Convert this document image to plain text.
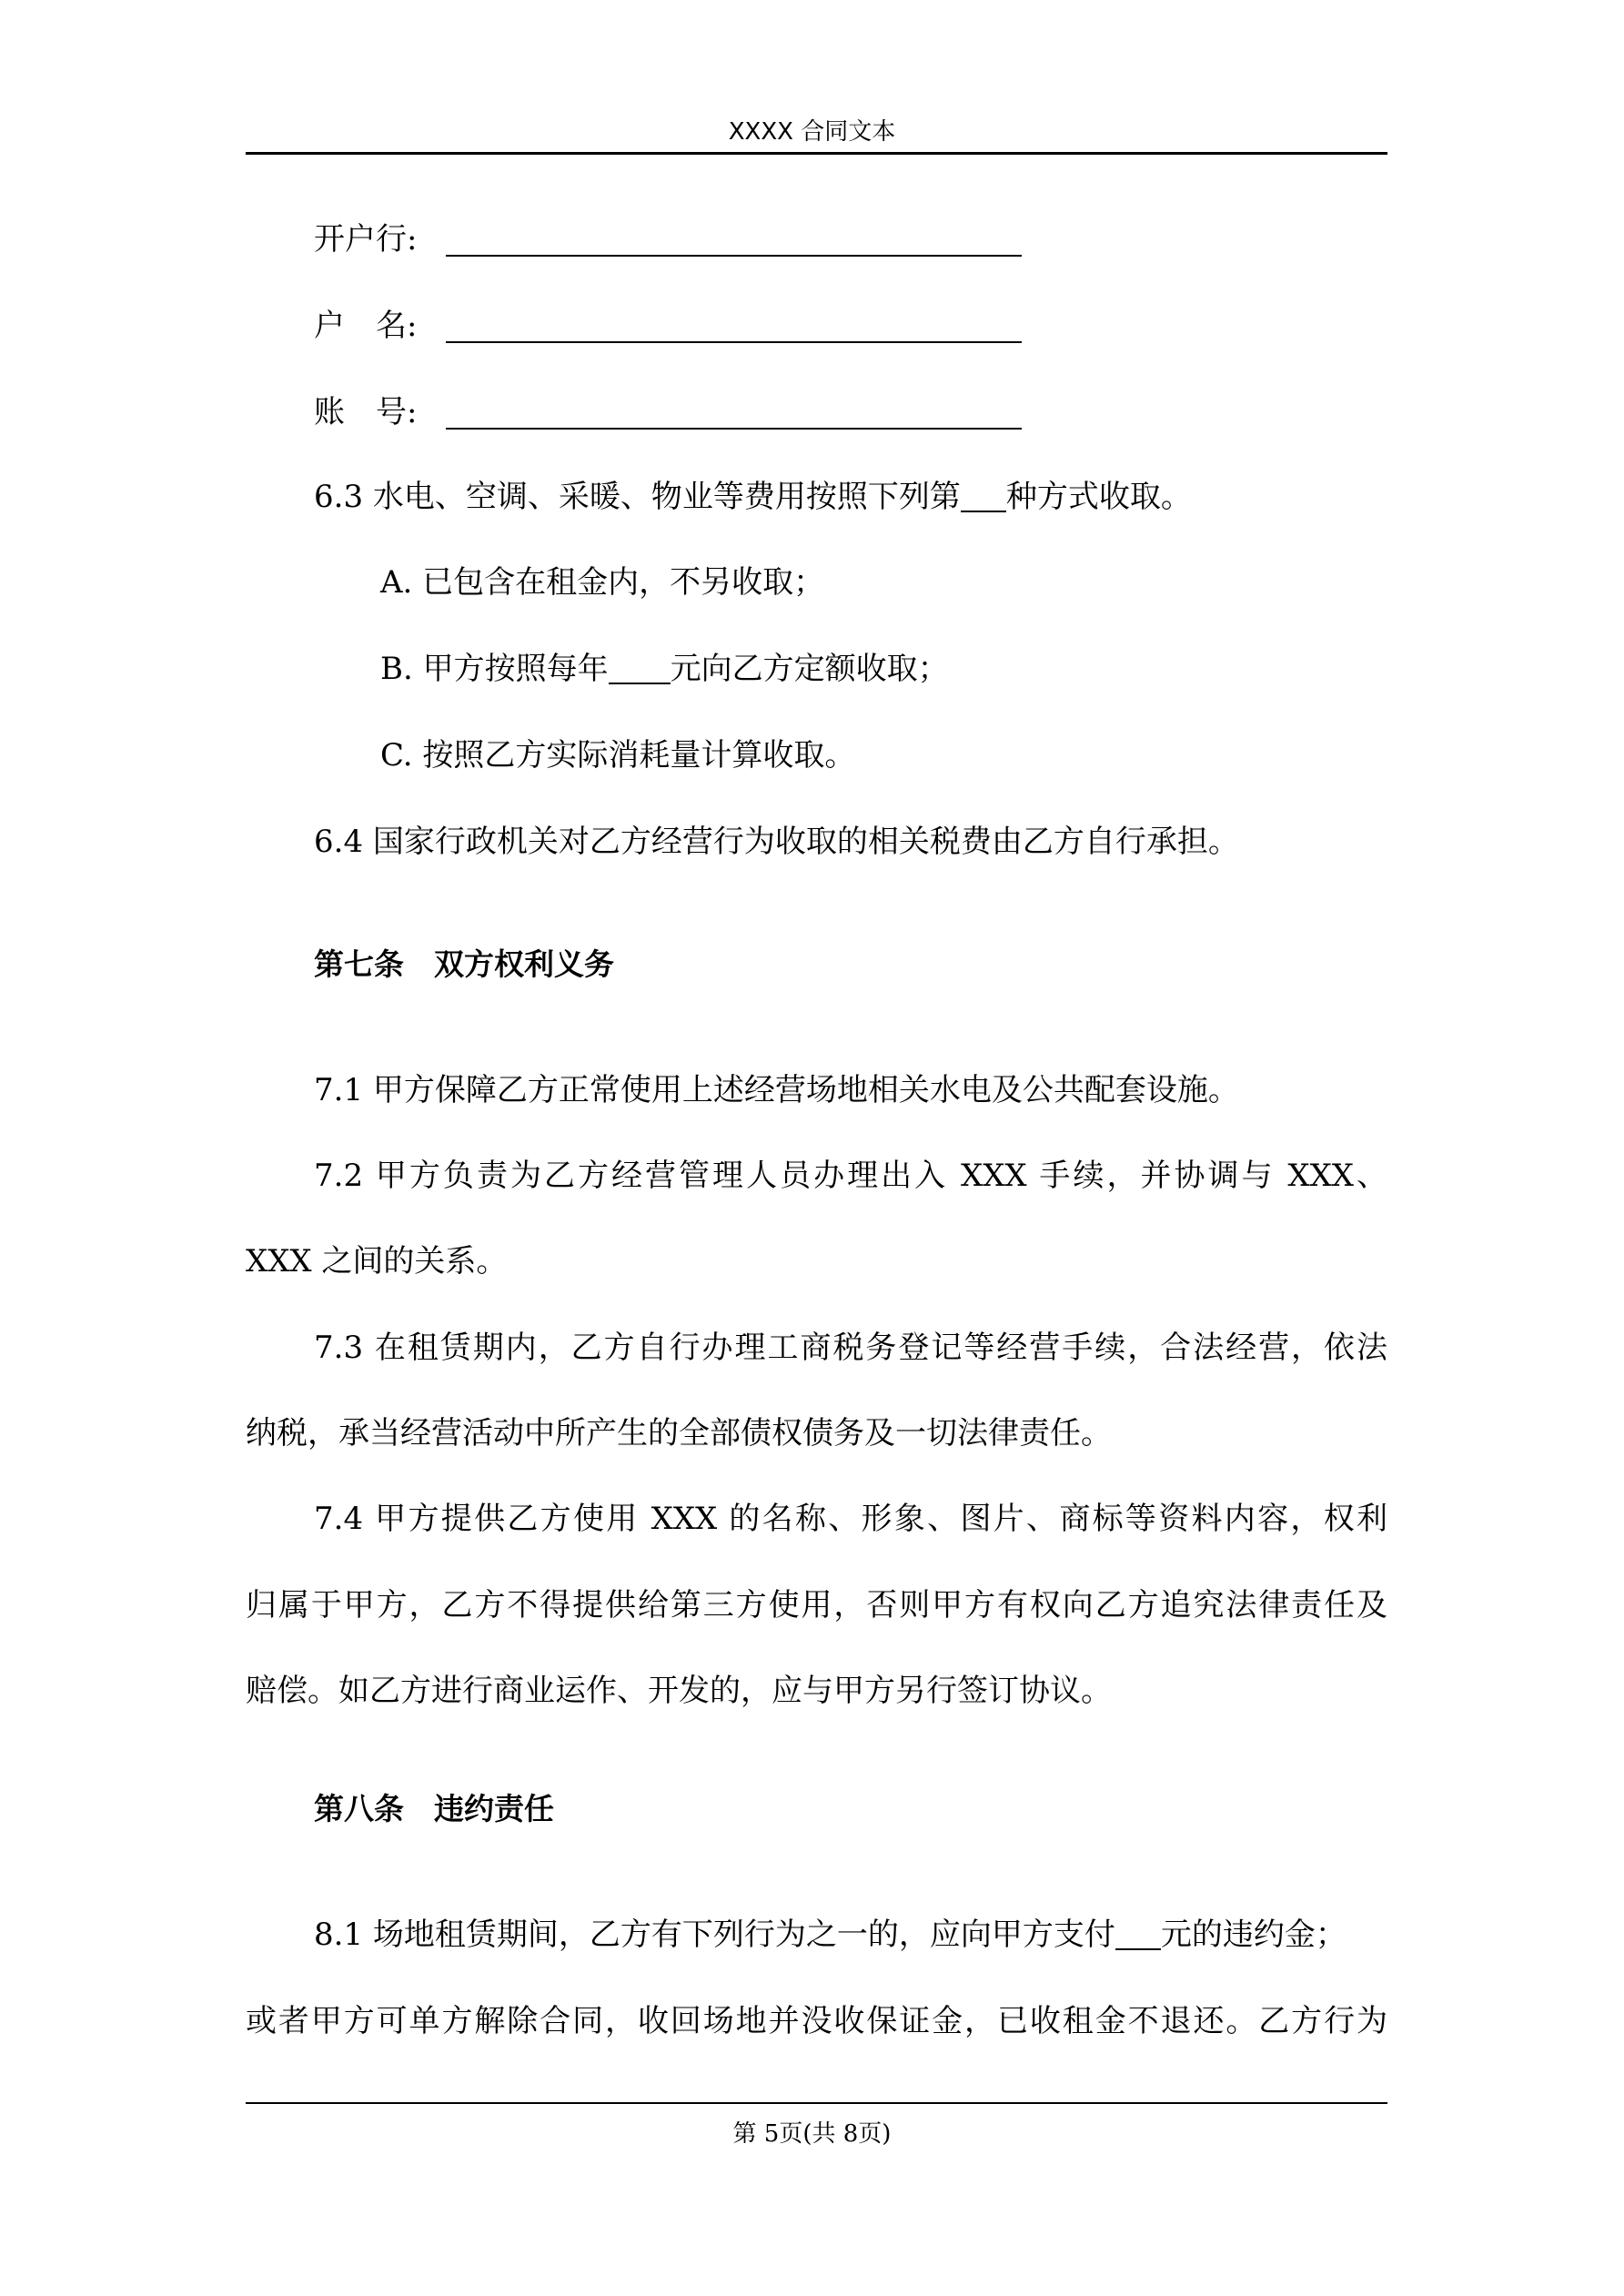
XXXX 合同文本
开户行:
户　名:
账　号:
6.3 水电、空调、采暖、物业等费用按照下列第 种方式收取。
A. 已包含在租金内，不另收取；
B. 甲方按照每年 元向乙方定额收取；
C. 按照乙方实际消耗量计算收取。
6.4 国家行政机关对乙方经营行为收取的相关税费由乙方自行承担。
第七条　双方权利义务
7.1 甲方保障乙方正常使用上述经营场地相关水电及公共配套设施。
7.2 甲方负责为乙方经营管理人员办理出入 XXX 手续，并协调与 XXX、
XXX 之间的关系。
7.3 在租赁期内，乙方自行办理工商税务登记等经营手续，合法经营，依法
纳税，承当经营活动中所产生的全部债权债务及一切法律责任。
7.4 甲方提供乙方使用 XXX 的名称、形象、图片、商标等资料内容，权利
归属于甲方，乙方不得提供给第三方使用，否则甲方有权向乙方追究法律责任及
赔偿。如乙方进行商业运作、开发的，应与甲方另行签订协议。
第八条　违约责任
8.1 场地租赁期间，乙方有下列行为之一的，应向甲方支付 元的违约金；
或者甲方可单方解除合同，收回场地并没收保证金，已收租金不退还。乙方行为
第 5页(共 8页)
